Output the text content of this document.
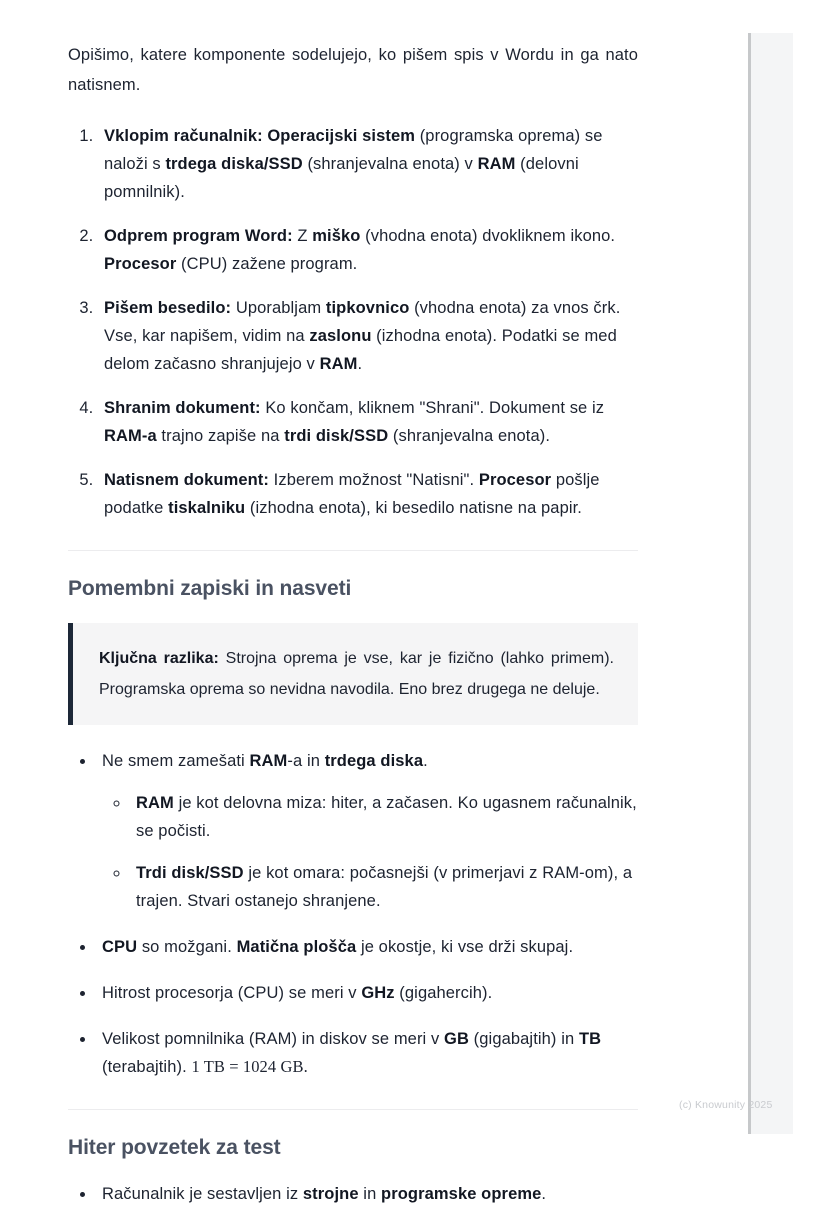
Opišimo, katere komponente sodelujejo, ko pišem spis v Wordu in ga nato natisnem.

1. Vklopim računalnik: Operacijski sistem (programska oprema) se naloži s trdega diska/SSD (shranjevalna enota) v RAM (delovni pomnilnik).
2. Odprem program Word: Z miško (vhodna enota) dvokliknem ikono. Procesor (CPU) zažene program.
3. Pišem besedilo: Uporabljam tipkovnico (vhodna enota) za vnos črk. Vse, kar napišem, vidim na zaslonu (izhodna enota). Podatki se med delom začasno shranjujejo v RAM.
4. Shranim dokument: Ko končam, kliknem "Shrani". Dokument se iz RAM-a trajno zapiše na trdi disk/SSD (shranjevalna enota).
5. Natisnem dokument: Izberem možnost "Natisni". Procesor pošlje podatke tiskalniku (izhodna enota), ki besedilo natisne na papir.
Pomembni zapiski in nasveti

Ključna razlika: Strojna oprema je vse, kar je fizično (lahko primem). Programska oprema so nevidna navodila. Eno brez drugega ne deluje.

• Ne smem zamešati RAM-a in trdega diska.
◦ RAM je kot delovna miza: hiter, a začasen. Ko ugasnem računalnik, se počisti.
◦ Trdi disk/SSD je kot omara: počasnejši (v primerjavi z RAM-om), a trajen. Stvari ostanejo shranjene.
• CPU so možgani. Matična plošča je okostje, ki vse drži skupaj.
• Hitrost procesorja (CPU) se meri v GHz (gigahercih).
• Velikost pomnilnika (RAM) in diskov se meri v GB (gigabajtih) in TB (terabajtih). 1 TB = 1024 GB.
Hiter povzetek za test
• Računalnik je sestavljen iz strojne in programske opreme.
(c) Knowunity 2025
